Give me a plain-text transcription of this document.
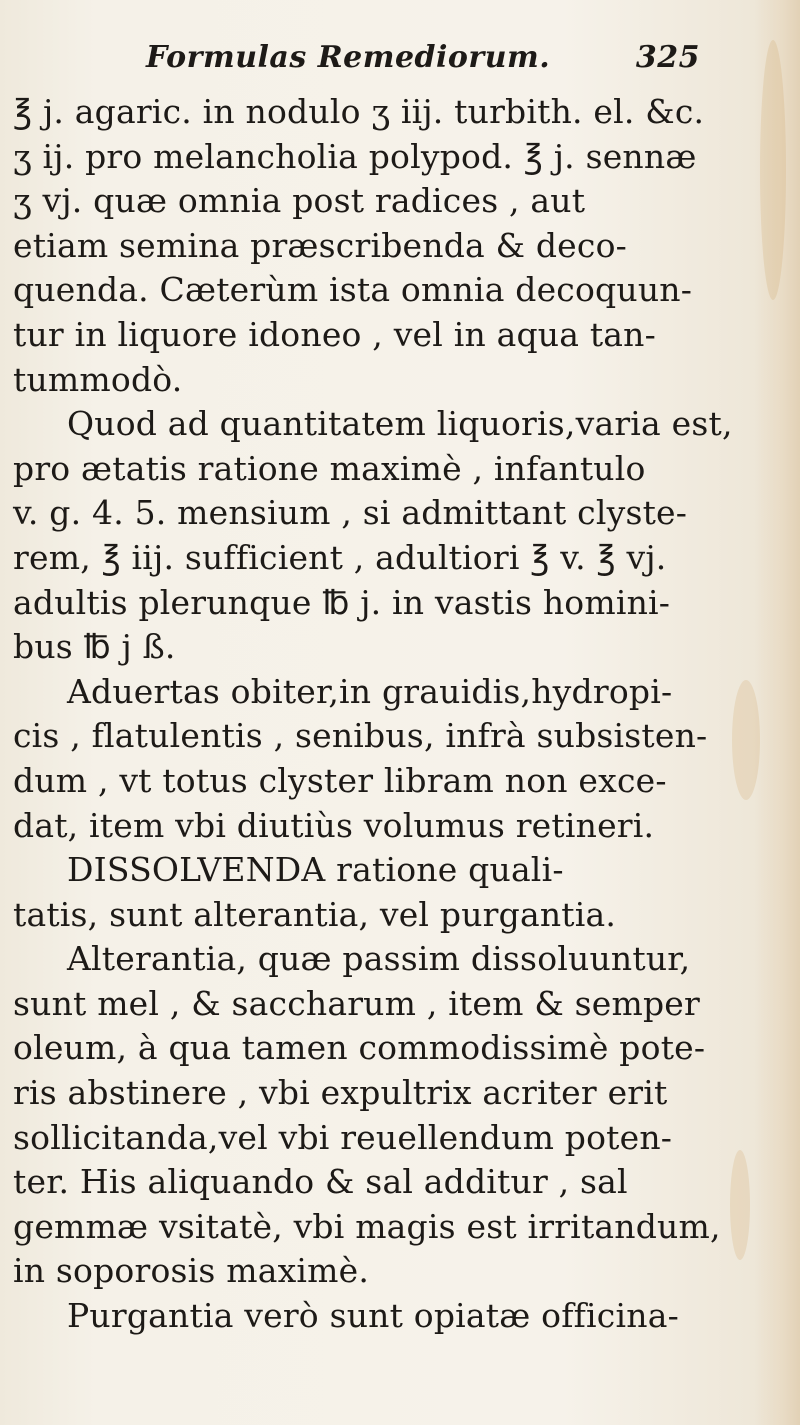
Formulas Remediorum.	325
℥ j. agaric. in nodulo ʒ iij. turbith. el. &c.
ʒ ij. pro melancholia polypod. ℥ j. sennæ
ʒ vj. quæ omnia post radices , aut
etiam semina præscribenda & deco-
quenda. Cæterùm ista omnia decoquun-
tur in liquore idoneo , vel in aqua tan-
tummodò.
Quod ad quantitatem liquoris,varia est,
pro ætatis ratione maximè , infantulo
v. g. 4. 5. mensium , si admittant clyste-
rem, ℥ iij. sufficient , adultiori ℥ v. ℥ vj.
adultis plerunque ℔ j. in vastis homini-
bus ℔ j ß.
Aduertas obiter,in grauidis,hydropi-
cis , flatulentis , senibus, infrà subsisten-
dum , vt totus clyster libram non exce-
dat, item vbi diutiùs volumus retineri.
DISSOLVENDA ratione quali-
tatis, sunt alterantia, vel purgantia.
Alterantia, quæ passim dissoluuntur,
sunt mel , & saccharum , item & semper
oleum, à qua tamen commodissimè pote-
ris abstinere , vbi expultrix acriter erit
sollicitanda,vel vbi reuellendum poten-
ter. His aliquando & sal additur , sal
gemmæ vsitatè, vbi magis est irritandum,
in soporosis maximè.
Purgantia verò sunt opiatæ officina-
